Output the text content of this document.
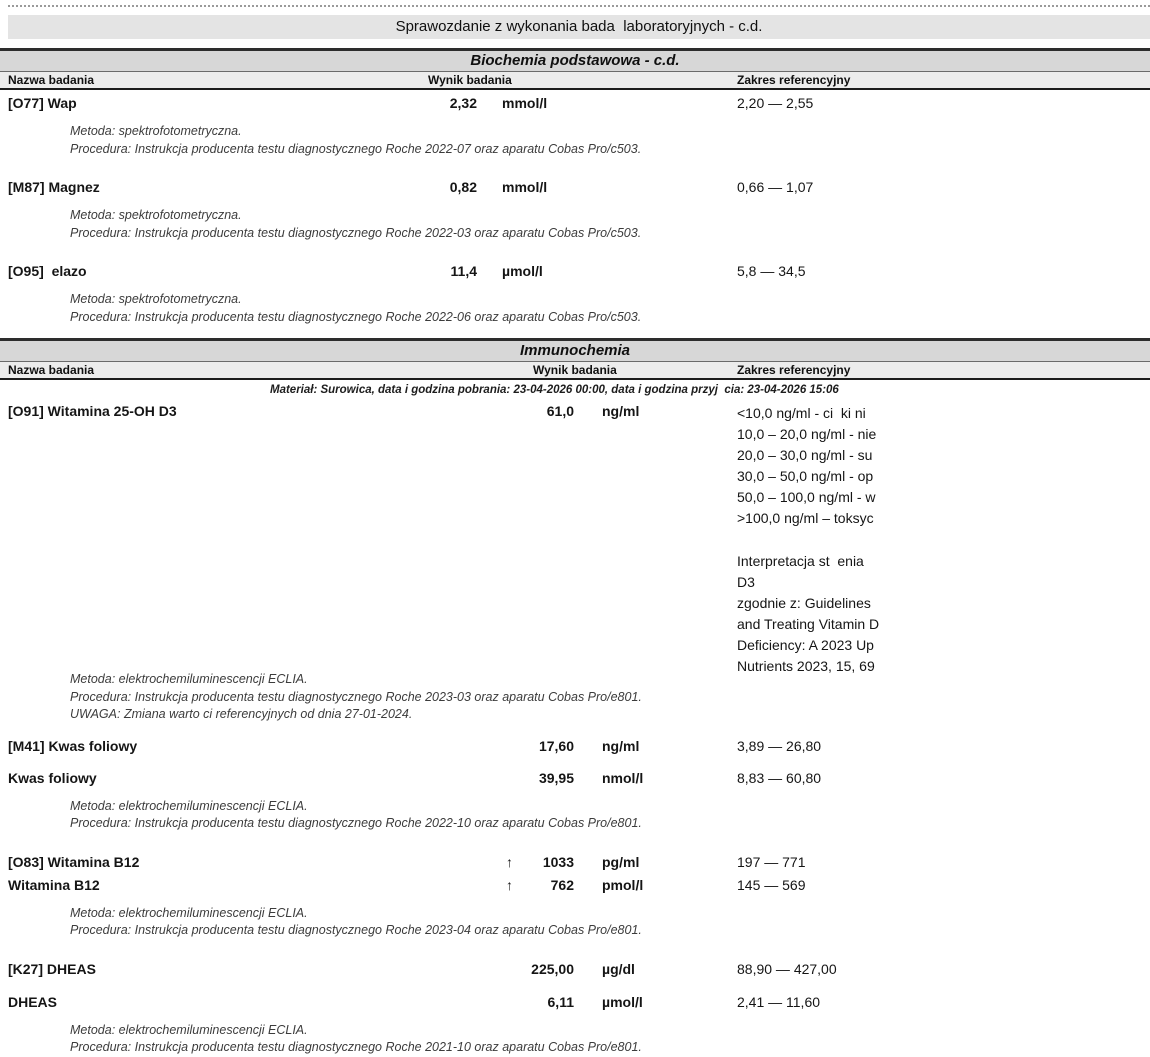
Sprawozdanie z wykonania bada  laboratoryjnych - c.d.
Biochemia podstawowa - c.d.
Nazwa badania	Wynik badania	Zakres referencyjny
[O77] Wap	2,32 mmol/l	2,20 — 2,55
Metoda: spektrofotometryczna.
Procedura: Instrukcja producenta testu diagnostycznego Roche 2022-07 oraz aparatu Cobas Pro/c503.
[M87] Magnez	0,82 mmol/l	0,66 — 1,07
Metoda: spektrofotometryczna.
Procedura: Instrukcja producenta testu diagnostycznego Roche 2022-03 oraz aparatu Cobas Pro/c503.
[O95]  elazo	11,4 µmol/l	5,8 — 34,5
Metoda: spektrofotometryczna.
Procedura: Instrukcja producenta testu diagnostycznego Roche 2022-06 oraz aparatu Cobas Pro/c503.
Immunochemia
Nazwa badania	Wynik badania	Zakres referencyjny
Materiał: Surowica, data i godzina pobrania: 23-04-2026 00:00, data i godzina przyj  cia: 23-04-2026 15:06
[O91] Witamina 25-OH D3	61,0 ng/ml	<10,0 ng/ml - ci  ki ni
10,0 – 20,0 ng/ml - nie
20,0 – 30,0 ng/ml - su
30,0 – 50,0 ng/ml - op
50,0 – 100,0 ng/ml - w
>100,0 ng/ml – toksyc
Interpretacja st  enia
D3
zgodnie z: Guidelines
and Treating Vitamin D
Deficiency: A 2023 Up
Nutrients 2023, 15, 69
Metoda: elektrochemiluminescencji ECLIA.
Procedura: Instrukcja producenta testu diagnostycznego Roche 2023-03 oraz aparatu Cobas Pro/e801.
UWAGA: Zmiana warto ci referencyjnych od dnia 27-01-2024.
[M41] Kwas foliowy	17,60 ng/ml	3,89 — 26,80
Kwas foliowy	39,95 nmol/l	8,83 — 60,80
Metoda: elektrochemiluminescencji ECLIA.
Procedura: Instrukcja producenta testu diagnostycznego Roche 2022-10 oraz aparatu Cobas Pro/e801.
[O83] Witamina B12	↑	1033 pg/ml	197 — 771
Witamina B12	↑	762 pmol/l	145 — 569
Metoda: elektrochemiluminescencji ECLIA.
Procedura: Instrukcja producenta testu diagnostycznego Roche 2023-04 oraz aparatu Cobas Pro/e801.
[K27] DHEAS	225,00 µg/dl	88,90 — 427,00
DHEAS	6,11 µmol/l	2,41 — 11,60
Metoda: elektrochemiluminescencji ECLIA.
Procedura: Instrukcja producenta testu diagnostycznego Roche 2021-10 oraz aparatu Cobas Pro/e801.
